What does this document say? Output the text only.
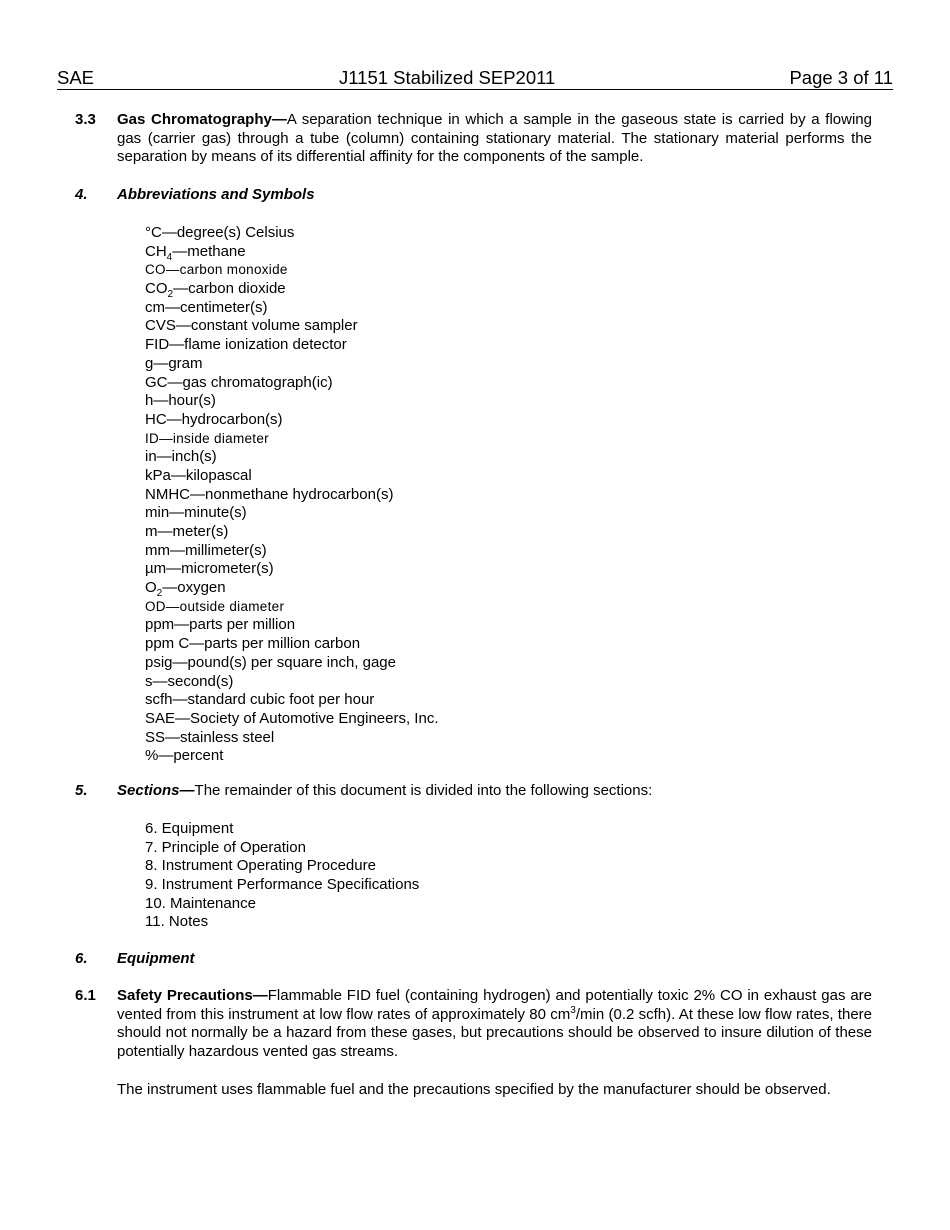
SAE	J1151 Stabilized SEP2011	Page 3 of 11
3.3 Gas Chromatography—A separation technique in which a sample in the gaseous state is carried by a flowing gas (carrier gas) through a tube (column) containing stationary material. The stationary material performs the separation by means of its differential affinity for the components of the sample.
4. Abbreviations and Symbols
°C—degree(s) Celsius
$CH_4—methane$
CO—carbon monoxide
$CO_2—carbon$ dioxide
cm—centimeter(s)
CVS—constant volume sampler
FID—flame ionization detector
g—gram
GC—gas chromatograph(ic)
h—hour(s)
HC—hydrocarbon(s)
ID—inside diameter
in—inch(s)
kPa—kilopascal
NMHC—nonmethane hydrocarbon(s)
min—minute(s)
m—meter(s)
mm—millimeter(s)
µm—micrometer(s)
$O_2—oxygen$
OD—outside diameter
ppm—parts per million
ppm C—parts per million carbon
psig—pound(s) per square inch, gage
s—second(s)
scfh—standard cubic foot per hour
SAE—Society of Automotive Engineers, Inc.
SS—stainless steel
%—percent
5. Sections—The remainder of this document is divided into the following sections:
6. Equipment
7. Principle of Operation
8. Instrument Operating Procedure
9. Instrument Performance Specifications
10. Maintenance
11. Notes
6. Equipment
6.1 Safety Precautions—Flammable FID fuel (containing hydrogen) and potentially toxic 2% CO in exhaust gas are vented from this instrument at low flow rates of approximately 80 $cm^3/\min$ (0.2 scfh). At these low flow rates, there should not normally be a hazard from these gases, but precautions should be observed to insure dilution of these potentially hazardous vented gas streams.
The instrument uses flammable fuel and the precautions specified by the manufacturer should be observed.
